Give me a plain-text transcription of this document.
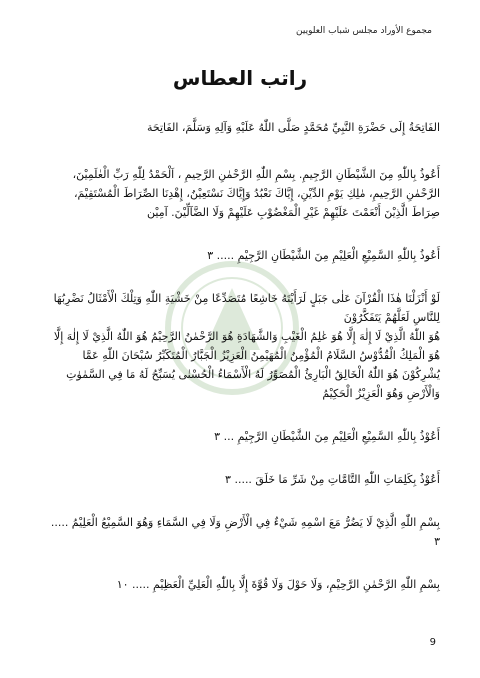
مجموع الأوراد مجلس شباب العلويين
راتب العطاس

الفَاتِحَةُ إِلَى حَضْرَةِ النَّبِيِّ مُحَمَّدٍ صَلَّى اللّٰهُ عَلَيْهِ وَآلِهِ وَسَلَّمَ، الفَاتِحَة

أَعُوذُ بِاللّٰهِ مِنَ الشَّيْطَانِ الرَّجِيمِ. بِسْمِ اللّٰهِ الرَّحْمٰنِ الرَّحِيمِ ، اَلْحَمْدُ لِلّٰهِ رَبِّ الْعٰلَمِيْنَ، الرَّحْمٰنِ الرَّحِيمِ، مٰلِكِ يَوْمِ الدِّيْنِ، إِيَّاكَ نَعْبُدُ وَإِيَّاكَ نَسْتَعِيْنُ، إِهْدِنَا الصِّرَاطَ الْمُسْتَقِيْمَ، صِرَاطَ الَّذِيْنَ أَنْعَمْتَ عَلَيْهِمْ غَيْرِ الْمَغْضُوْبِ عَلَيْهِمْ وَلَا الضَّآلِّيْنَ. آمِيْن

أَعُوذُ بِاللّٰهِ السَّمِيْعِ الْعَلِيْمِ مِنَ الشَّيْطَانِ الرَّجِيْمِ ..... ٣

لَوْ أَنْزَلْنَا هٰذَا الْقُرْآنَ عَلٰى جَبَلٍ لَرَأَيْتَهُ خَاشِعًا مُتَصَدِّعًا مِنْ خَشْيَةِ اللّٰهِ وَتِلْكَ الْأَمْثَالُ نَضْرِبُهَا لِلنَّاسِ لَعَلَّهُمْ يَتَفَكَّرُوْنَ

هُوَ اللّٰهُ الَّذِيْ لَا إِلٰهَ إِلَّا هُوَ عٰلِمُ الْغَيْبِ وَالشَّهَادَةِ هُوَ الرَّحْمٰنُ الرَّحِيْمُ هُوَ اللّٰهُ الَّذِيْ لَا إِلٰهَ إِلَّا هُوَ الْمَلِكُ الْقُدُّوْسُ السَّلَامُ الْمُؤْمِنُ الْمُهَيْمِنُ الْعَزِيْزُ الْجَبَّارُ الْمُتَكَبِّرُ سُبْحَانَ اللّٰهِ عَمَّا يُشْرِكُوْنَ هُوَ اللّٰهُ الْخَالِقُ الْبَارِئُ الْمُصَوِّرُ لَهُ الْأَسْمَاءُ الْحُسْنٰى يُسَبِّحُ لَهُ مَا فِي السَّمٰوٰتِ وَالْأَرْضِ وَهُوَ الْعَزِيْزُ الْحَكِيْمُ

أَعُوْذُ بِاللّٰهِ السَّمِيْعِ الْعَلِيْمِ مِنَ الشَّيْطَانِ الرَّجِيْمِ ... ٣

أَعُوْذُ بِكَلِمَاتِ اللّٰهِ التَّامَّاتِ مِنْ شَرِّ مَا خَلَقَ ..... ٣

بِسْمِ اللّٰهِ الَّذِيْ لَا يَضُرُّ مَعَ اسْمِهِ شَيْءٌ فِي الْأَرْضِ وَلَا فِي السَّمَاءِ وَهُوَ السَّمِيْعُ الْعَلِيْمُ ..... ٣

بِسْمِ اللّٰهِ الرَّحْمٰنِ الرَّحِيْمِ، وَلَا حَوْلَ وَلَا قُوَّةَ إِلَّا بِاللّٰهِ الْعَلِيِّ الْعَظِيْمِ ..... ١٠

9
